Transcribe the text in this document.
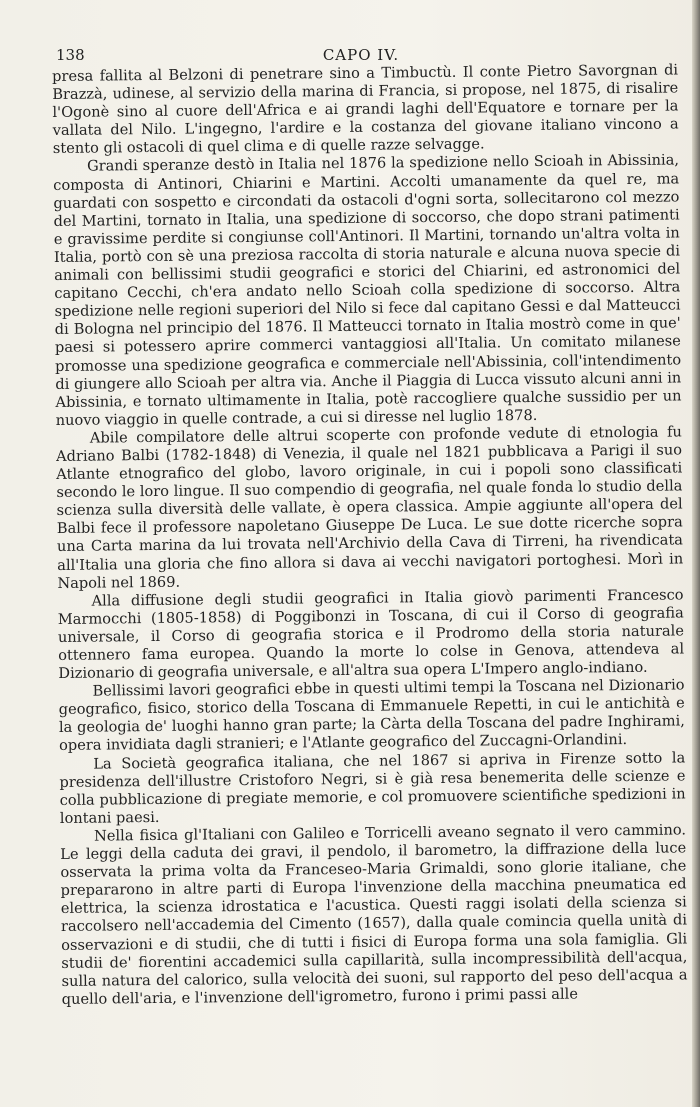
138	CAPO IV.

presa fallita al Belzoni di penetrare sino a Timbuctù. Il conte Pietro Savorgnan di Brazzà, udinese, al servizio della marina di Francia, si propose, nel 1875, di risalire l'Ogonè sino al cuore dell'Africa e ai grandi laghi dell'Equatore e tornare per la vallata del Nilo. L'ingegno, l'ardire e la costanza del giovane italiano vincono a stento gli ostacoli di quel clima e di quelle razze selvagge.

Grandi speranze destò in Italia nel 1876 la spedizione nello Scioah in Abissinia, composta di Antinori, Chiarini e Martini. Accolti umanamente da quel re, ma guardati con sospetto e circondati da ostacoli d'ogni sorta, sollecitarono col mezzo del Martini, tornato in Italia, una spedizione di soccorso, che dopo strani patimenti e gravissime perdite si congiunse coll'Antinori. Il Martini, tornando un'altra volta in Italia, portò con sè una preziosa raccolta di storia naturale e alcuna nuova specie di animali con bellissimi studii geografici e storici del Chiarini, ed astronomici del capitano Cecchi, ch'era andato nello Scioah colla spedizione di soccorso. Altra spedizione nelle regioni superiori del Nilo si fece dal capitano Gessi e dal Matteucci di Bologna nel principio del 1876. Il Matteucci tornato in Italia mostrò come in que' paesi si potessero aprire commerci vantaggiosi all'Italia. Un comitato milanese promosse una spedizione geografica e commerciale nell'Abissinia, coll'intendimento di giungere allo Scioah per altra via. Anche il Piaggia di Lucca vissuto alcuni anni in Abissinia, e tornato ultimamente in Italia, potè raccogliere qualche sussidio per un nuovo viaggio in quelle contrade, a cui si diresse nel luglio 1878.

Abile compilatore delle altrui scoperte con profonde vedute di etnologia fu Adriano Balbi (1782-1848) di Venezia, il quale nel 1821 pubblicava a Parigi il suo Atlante etnografico del globo, lavoro originale, in cui i popoli sono classificati secondo le loro lingue. Il suo compendio di geografia, nel quale fonda lo studio della scienza sulla diversità delle vallate, è opera classica. Ampie aggiunte all'opera del Balbi fece il professore napoletano Giuseppe De Luca. Le sue dotte ricerche sopra una Carta marina da lui trovata nell'Archivio della Cava di Tirreni, ha rivendicata all'Italia una gloria che fino allora si dava ai vecchi navigatori portoghesi. Morì in Napoli nel 1869.

Alla diffusione degli studii geografici in Italia giovò parimenti Francesco Marmocchi (1805-1858) di Poggibonzi in Toscana, di cui il Corso di geografia universale, il Corso di geografia storica e il Prodromo della storia naturale ottennero fama europea. Quando la morte lo colse in Genova, attendeva al Dizionario di geografia universale, e all'altra sua opera L'Impero anglo-indiano.

Bellissimi lavori geografici ebbe in questi ultimi tempi la Toscana nel Dizionario geografico, fisico, storico della Toscana di Emmanuele Repetti, in cui le antichità e la geologia de' luoghi hanno gran parte; la Càrta della Toscana del padre Inghirami, opera invidiata dagli stranieri; e l'Atlante geografico del Zuccagni-Orlandini.

La Società geografica italiana, che nel 1867 si apriva in Firenze sotto la presidenza dell'illustre Cristoforo Negri, si è già resa benemerita delle scienze e colla pubblicazione di pregiate memorie, e col promuovere scientifiche spedizioni in lontani paesi.

Nella fisica gl'Italiani con Galileo e Torricelli aveano segnato il vero cammino. Le leggi della caduta dei gravi, il pendolo, il barometro, la diffrazione della luce osservata la prima volta da Franceseo-Maria Grimaldi, sono glorie italiane, che prepararono in altre parti di Europa l'invenzione della macchina pneumatica ed elettrica, la scienza idrostatica e l'acustica. Questi raggi isolati della scienza si raccolsero nell'accademia del Cimento (1657), dalla quale comincia quella unità di osservazioni e di studii, che di tutti i fisici di Europa forma una sola famiglia. Gli studii de' fiorentini accademici sulla capillarità, sulla incompressibilità dell'acqua, sulla natura del calorico, sulla velocità dei suoni, sul rapporto del peso dell'acqua a quello dell'aria, e l'invenzione dell'igrometro, furono i primi passi alle
